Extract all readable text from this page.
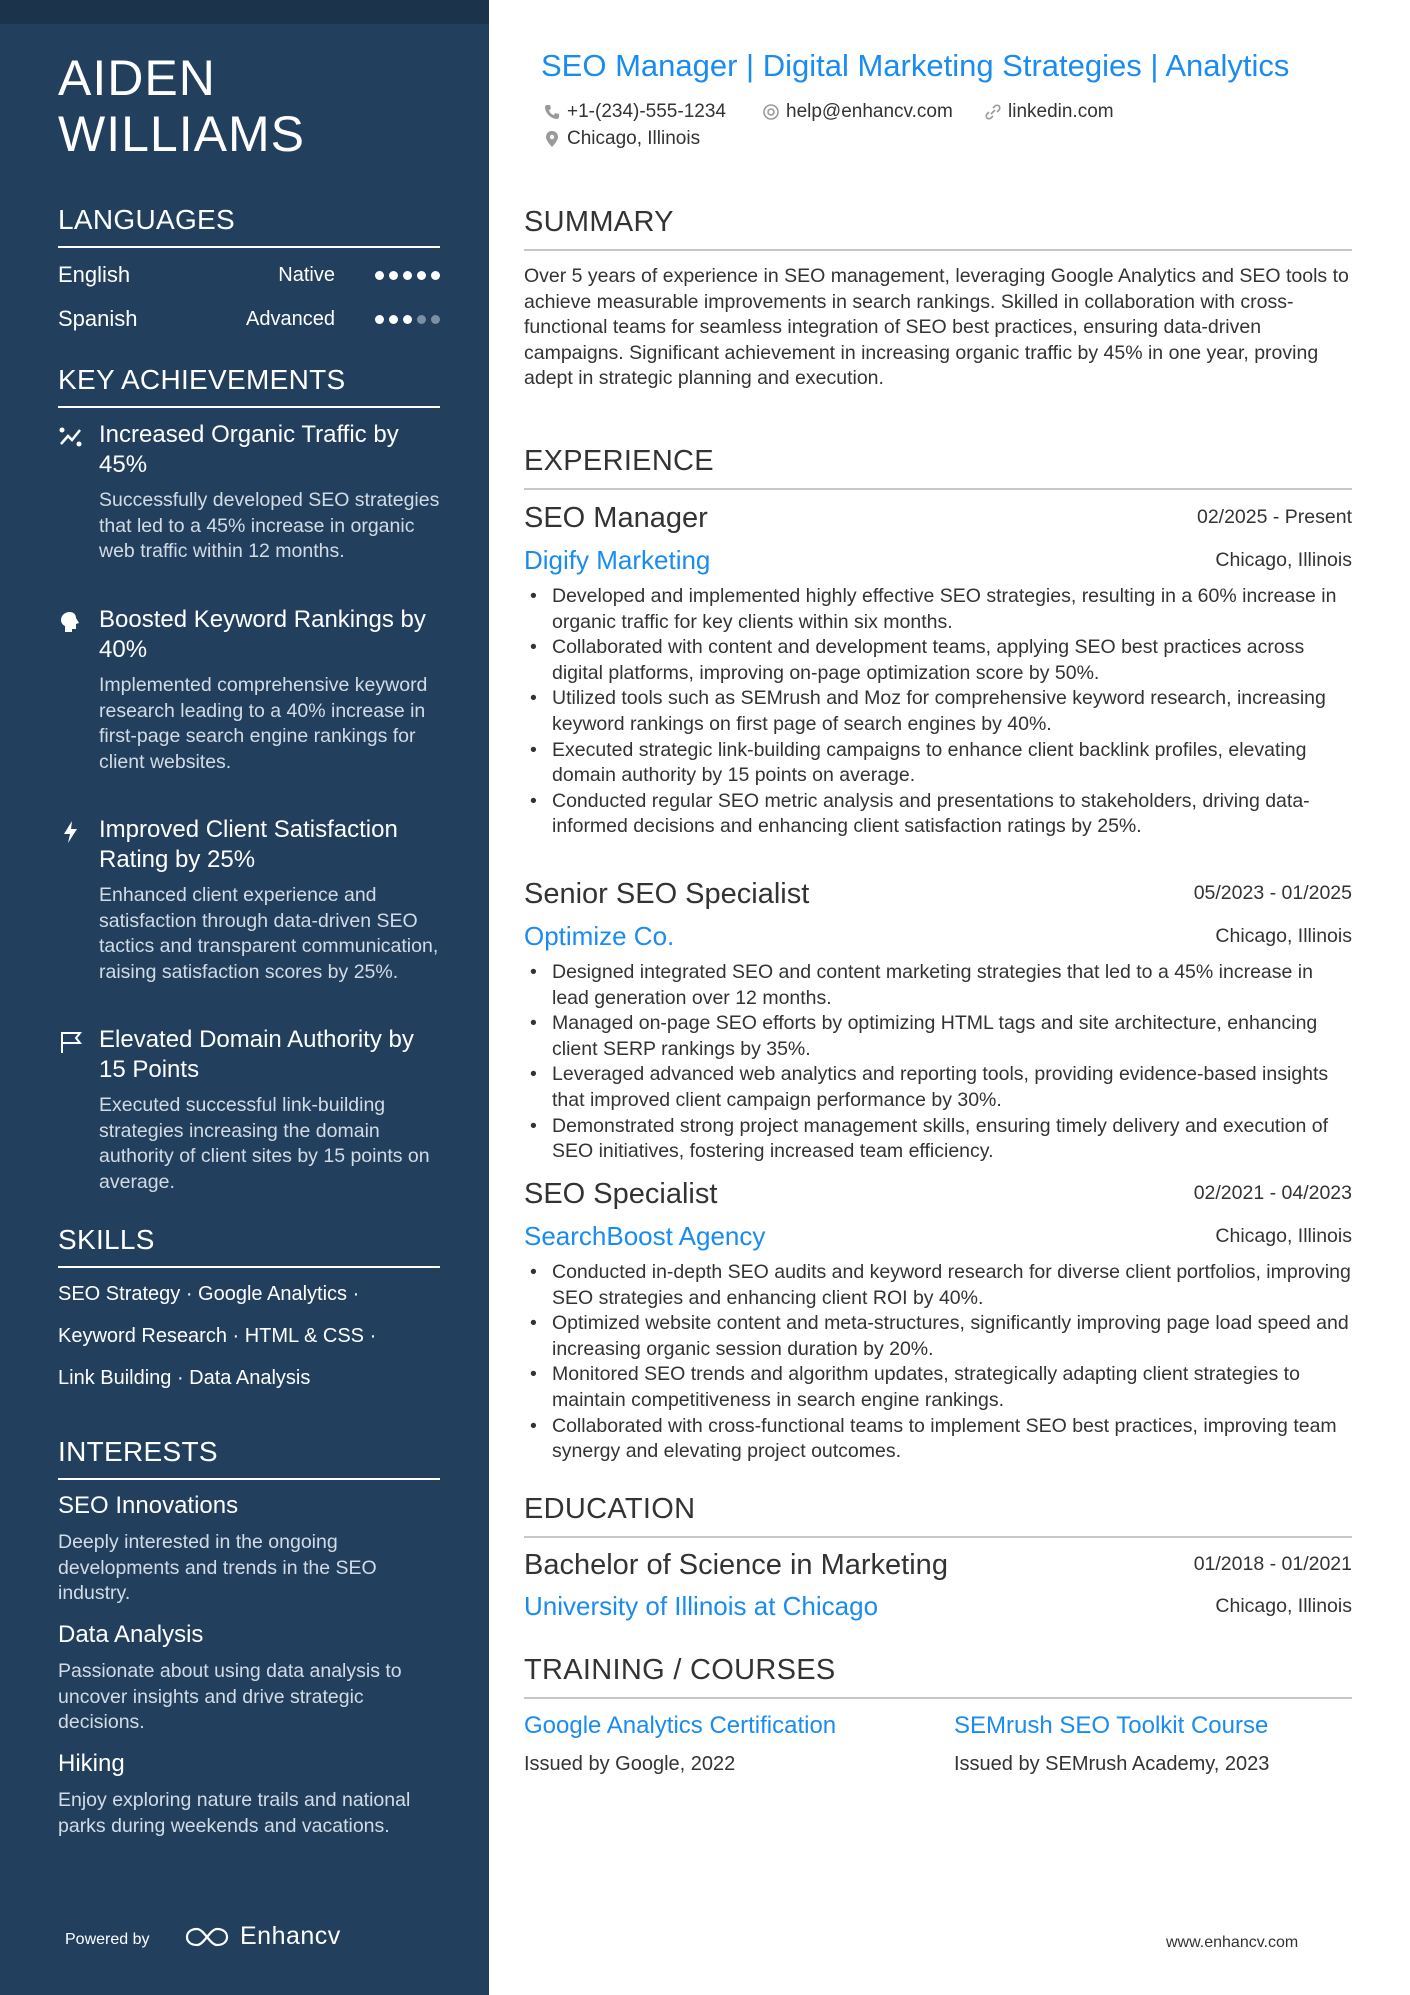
AIDEN WILLIAMS
LANGUAGES
English	Native
Spanish	Advanced
KEY ACHIEVEMENTS
Increased Organic Traffic by 45%
Successfully developed SEO strategies that led to a 45% increase in organic web traffic within 12 months.
Boosted Keyword Rankings by 40%
Implemented comprehensive keyword research leading to a 40% increase in first-page search engine rankings for client websites.
Improved Client Satisfaction Rating by 25%
Enhanced client experience and satisfaction through data-driven SEO tactics and transparent communication, raising satisfaction scores by 25%.
Elevated Domain Authority by 15 Points
Executed successful link-building strategies increasing the domain authority of client sites by 15 points on average.
SKILLS
SEO Strategy · Google Analytics ·
Keyword Research · HTML & CSS ·
Link Building · Data Analysis
INTERESTS
SEO Innovations
Deeply interested in the ongoing developments and trends in the SEO industry.
Data Analysis
Passionate about using data analysis to uncover insights and drive strategic decisions.
Hiking
Enjoy exploring nature trails and national parks during weekends and vacations.
Powered by	Enhancv
SEO Manager | Digital Marketing Strategies | Analytics
+1-(234)-555-1234	help@enhancv.com	linkedin.com
Chicago, Illinois
SUMMARY
Over 5 years of experience in SEO management, leveraging Google Analytics and SEO tools to achieve measurable improvements in search rankings. Skilled in collaboration with cross-functional teams for seamless integration of SEO best practices, ensuring data-driven campaigns. Significant achievement in increasing organic traffic by 45% in one year, proving adept in strategic planning and execution.
EXPERIENCE
SEO Manager	02/2025 - Present
Digify Marketing	Chicago, Illinois
• Developed and implemented highly effective SEO strategies, resulting in a 60% increase in organic traffic for key clients within six months.
• Collaborated with content and development teams, applying SEO best practices across digital platforms, improving on-page optimization score by 50%.
• Utilized tools such as SEMrush and Moz for comprehensive keyword research, increasing keyword rankings on first page of search engines by 40%.
• Executed strategic link-building campaigns to enhance client backlink profiles, elevating domain authority by 15 points on average.
• Conducted regular SEO metric analysis and presentations to stakeholders, driving data-informed decisions and enhancing client satisfaction ratings by 25%.
Senior SEO Specialist	05/2023 - 01/2025
Optimize Co.	Chicago, Illinois
• Designed integrated SEO and content marketing strategies that led to a 45% increase in lead generation over 12 months.
• Managed on-page SEO efforts by optimizing HTML tags and site architecture, enhancing client SERP rankings by 35%.
• Leveraged advanced web analytics and reporting tools, providing evidence-based insights that improved client campaign performance by 30%.
• Demonstrated strong project management skills, ensuring timely delivery and execution of SEO initiatives, fostering increased team efficiency.
SEO Specialist	02/2021 - 04/2023
SearchBoost Agency	Chicago, Illinois
• Conducted in-depth SEO audits and keyword research for diverse client portfolios, improving SEO strategies and enhancing client ROI by 40%.
• Optimized website content and meta-structures, significantly improving page load speed and increasing organic session duration by 20%.
• Monitored SEO trends and algorithm updates, strategically adapting client strategies to maintain competitiveness in search engine rankings.
• Collaborated with cross-functional teams to implement SEO best practices, improving team synergy and elevating project outcomes.
EDUCATION
Bachelor of Science in Marketing	01/2018 - 01/2021
University of Illinois at Chicago	Chicago, Illinois
TRAINING / COURSES
Google Analytics Certification
Issued by Google, 2022
SEMrush SEO Toolkit Course
Issued by SEMrush Academy, 2023
www.enhancv.com
